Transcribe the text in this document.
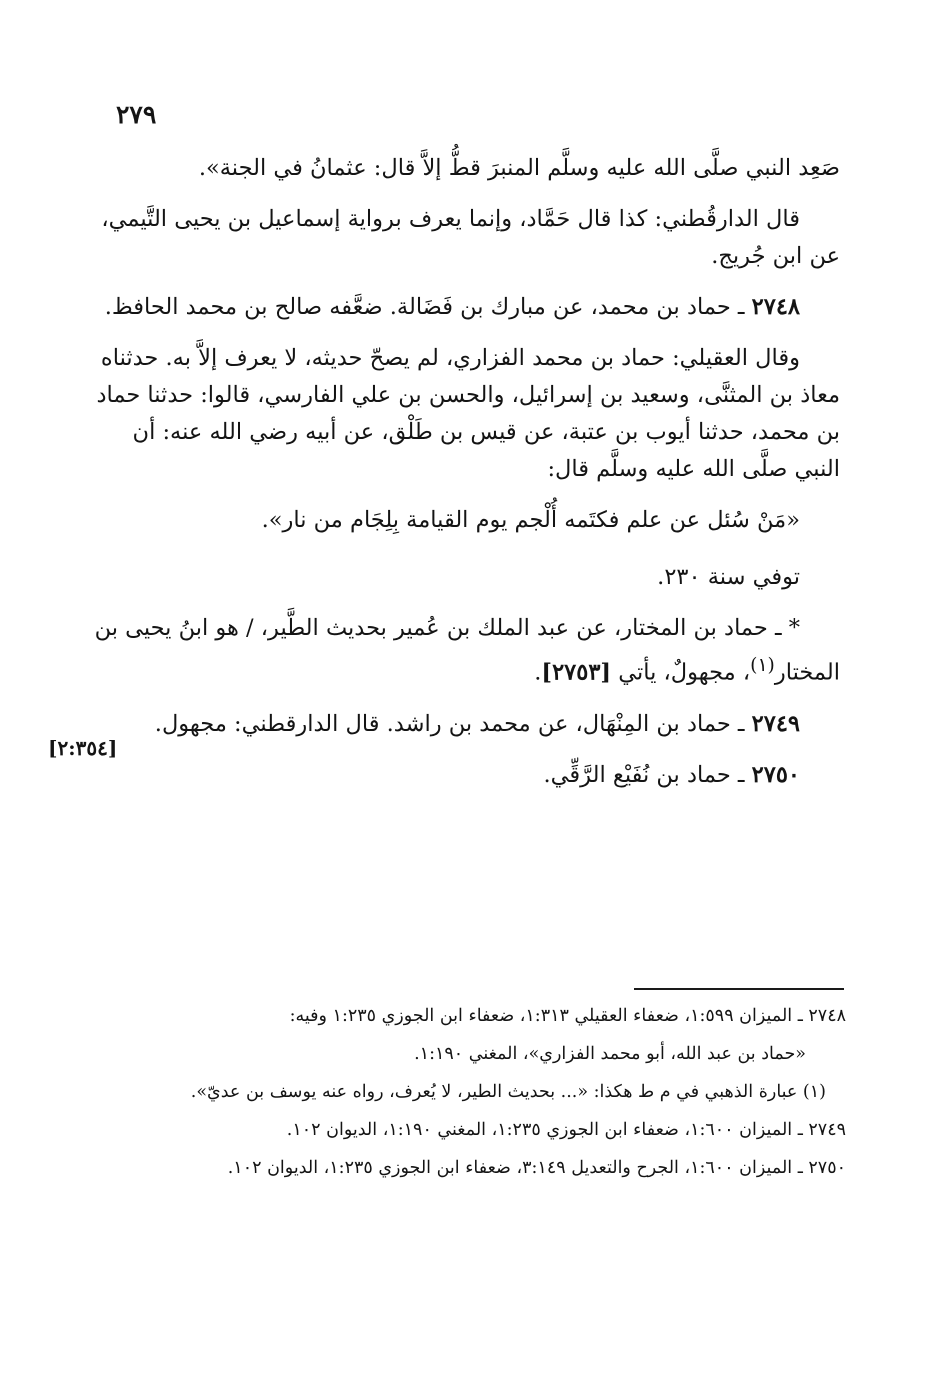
٢٧٩

صَعِد النبي صلَّى الله عليه وسلَّم المنبرَ قطُّ إلاَّ قال: عثمانُ في الجنة».

قال الدارقُطني: كذا قال حَمَّاد، وإنما يعرف برواية إسماعيل بن يحيى التَّيمي، عن ابن جُريج.

٢٧٤٨ ـ حماد بن محمد، عن مبارك بن فَضَالة. ضعَّفه صالح بن محمد الحافظ.

وقال العقيلي: حماد بن محمد الفزاري، لم يصحّ حديثه، لا يعرف إلاَّ به. حدثناه معاذ بن المثنَّى، وسعيد بن إسرائيل، والحسن بن علي الفارسي، قالوا: حدثنا حماد بن محمد، حدثنا أيوب بن عتبة، عن قيس بن طَلْق، عن أبيه رضي الله عنه: أن النبي صلَّى الله عليه وسلَّم قال:

«مَنْ سُئل عن علم فكتَمه أُلْجم يوم القيامة بِلِجَام من نار».

توفي سنة ٢٣٠.

* ـ حماد بن المختار، عن عبد الملك بن عُمير بحديث الطَّير، / هو ابنُ يحيى بن المختار$^{(١)}$، مجهولٌ، يأتي [٢٧٥٣].

٢٧٤٩ ـ حماد بن المِنْهَال، عن محمد بن راشد. قال الدارقطني: مجهول.

٢٧٥٠ ـ حماد بن نُفَيْع الرَّقِّي.

[٢:٣٥٤]

٢٧٤٨ ـ الميزان ١:٥٩٩، ضعفاء العقيلي ١:٣١٣، ضعفاء ابن الجوزي ١:٢٣٥ وفيه:

«حماد بن عبد الله، أبو محمد الفزاري»، المغني ١:١٩٠.

(١) عبارة الذهبي في م ط هكذا: «... بحديث الطير، لا يُعرف، رواه عنه يوسف بن عديّ».

٢٧٤٩ ـ الميزان ١:٦٠٠، ضعفاء ابن الجوزي ١:٢٣٥، المغني ١:١٩٠، الديوان ١٠٢.

٢٧٥٠ ـ الميزان ١:٦٠٠، الجرح والتعديل ٣:١٤٩، ضعفاء ابن الجوزي ١:٢٣٥، الديوان ١٠٢.
